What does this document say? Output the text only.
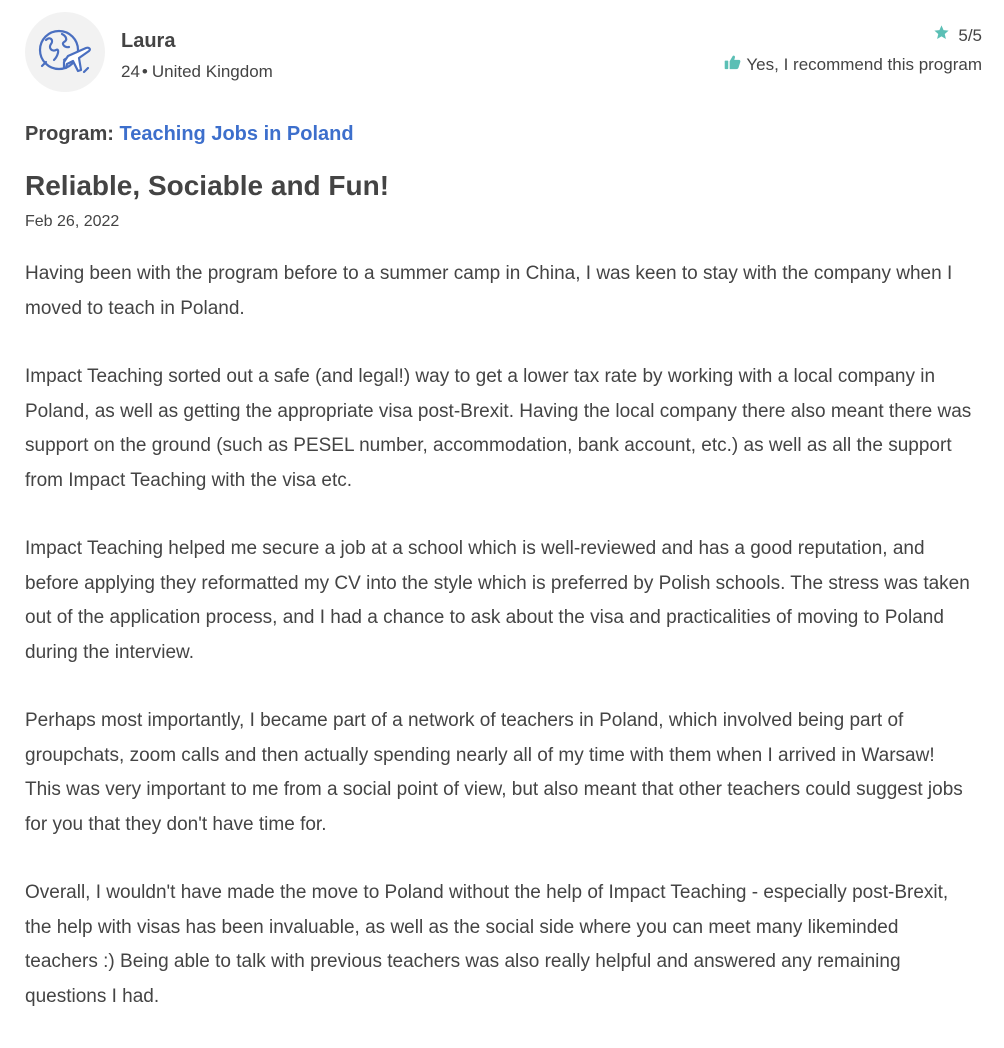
Laura
24 • United Kingdom
5/5
Yes, I recommend this program
Program: Teaching Jobs in Poland
Reliable, Sociable and Fun!
Feb 26, 2022

Having been with the program before to a summer camp in China, I was keen to stay with the company when I moved to teach in Poland.

Impact Teaching sorted out a safe (and legal!) way to get a lower tax rate by working with a local company in Poland, as well as getting the appropriate visa post-Brexit. Having the local company there also meant there was support on the ground (such as PESEL number, accommodation, bank account, etc.) as well as all the support from Impact Teaching with the visa etc.

Impact Teaching helped me secure a job at a school which is well-reviewed and has a good reputation, and before applying they reformatted my CV into the style which is preferred by Polish schools. The stress was taken out of the application process, and I had a chance to ask about the visa and practicalities of moving to Poland during the interview.

Perhaps most importantly, I became part of a network of teachers in Poland, which involved being part of groupchats, zoom calls and then actually spending nearly all of my time with them when I arrived in Warsaw! This was very important to me from a social point of view, but also meant that other teachers could suggest jobs for you that they don't have time for.

Overall, I wouldn't have made the move to Poland without the help of Impact Teaching - especially post-Brexit, the help with visas has been invaluable, as well as the social side where you can meet many likeminded teachers :) Being able to talk with previous teachers was also really helpful and answered any remaining questions I had.
